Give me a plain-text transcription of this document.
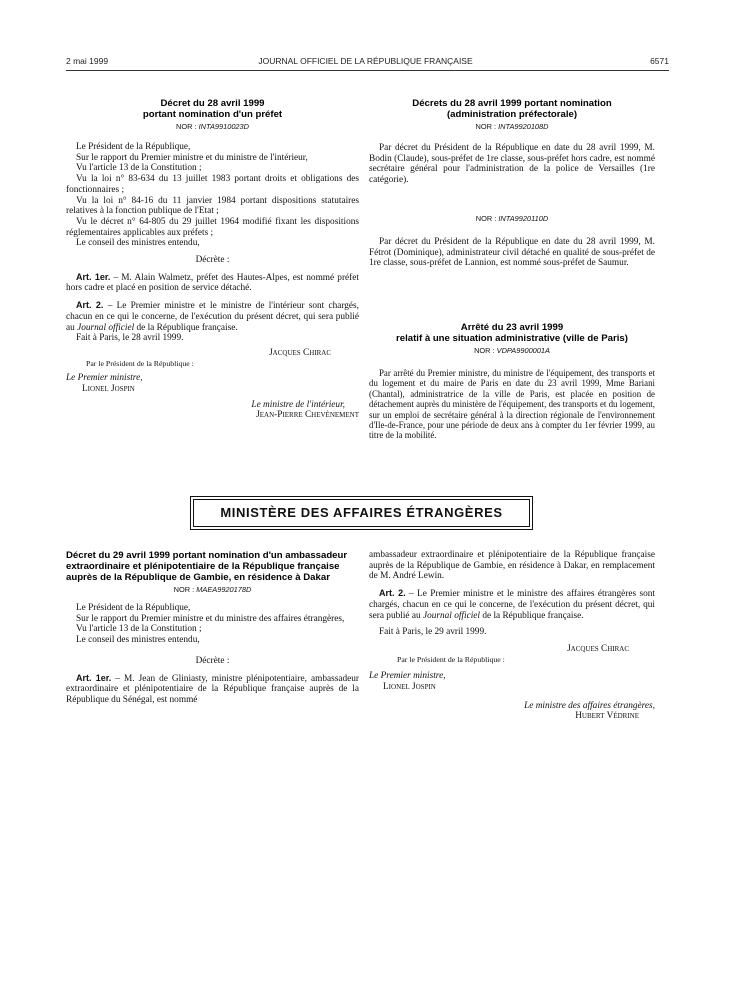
2 mai 1999	JOURNAL OFFICIEL DE LA RÉPUBLIQUE FRANÇAISE	6571
Décret du 28 avril 1999
portant nomination d'un préfet
NOR : INTA9910023D

Le Président de la République,

Sur le rapport du Premier ministre et du ministre de l'intérieur,

Vu l'article 13 de la Constitution ;

Vu la loi n° 83-634 du 13 juillet 1983 portant droits et obligations des fonctionnaires ;

Vu la loi n° 84-16 du 11 janvier 1984 portant dispositions statutaires relatives à la fonction publique de l'Etat ;

Vu le décret n° 64-805 du 29 juillet 1964 modifié fixant les dispositions réglementaires applicables aux préfets ;

Le conseil des ministres entendu,

Décrète :

Art. 1er. – M. Alain Walmetz, préfet des Hautes-Alpes, est nommé préfet hors cadre et placé en position de service détaché.

Art. 2. – Le Premier ministre et le ministre de l'intérieur sont chargés, chacun en ce qui le concerne, de l'exécution du présent décret, qui sera publié au Journal officiel de la République française.

Fait à Paris, le 28 avril 1999.

Jacques Chirac

Par le Président de la République :

Le Premier ministre,

Lionel Jospin

Le ministre de l'intérieur,

Jean-Pierre Chevènement

Décrets du 28 avril 1999 portant nomination
(administration préfectorale)
NOR : INTA9920108D

Par décret du Président de la République en date du 28 avril 1999, M. Bodin (Claude), sous-préfet de 1re classe, sous-préfet hors cadre, est nommé secrétaire général pour l'administration de la police de Versailles (1re catégorie).

NOR : INTA9920110D

Par décret du Président de la République en date du 28 avril 1999, M. Fétrot (Dominique), administrateur civil détaché en qualité de sous-préfet de 1re classe, sous-préfet de Lannion, est nommé sous-préfet de Saumur.

Arrêté du 23 avril 1999
relatif à une situation administrative (ville de Paris)
NOR : VDPA9900001A

Par arrêté du Premier ministre, du ministre de l'équipement, des transports et du logement et du maire de Paris en date du 23 avril 1999, Mme Bariani (Chantal), administratrice de la ville de Paris, est placée en position de détachement auprès du ministère de l'équipement, des transports et du logement, sur un emploi de secrétaire général à la direction régionale de l'environnement d'Ile-de-France, pour une période de deux ans à compter du 1er février 1999, au titre de la mobilité.

MINISTÈRE DES AFFAIRES ÉTRANGÈRES
Décret du 29 avril 1999 portant nomination d'un ambassadeur extraordinaire et plénipotentiaire de la République française auprès de la République de Gambie, en résidence à Dakar
NOR : MAEA9920178D

Le Président de la République,

Sur le rapport du Premier ministre et du ministre des affaires étrangères,

Vu l'article 13 de la Constitution ;

Le conseil des ministres entendu,

Décrète :

Art. 1er. – M. Jean de Gliniasty, ministre plénipotentiaire, ambassadeur extraordinaire et plénipotentiaire de la République française auprès de la République du Sénégal, est nommé

ambassadeur extraordinaire et plénipotentiaire de la République française auprès de la République de Gambie, en résidence à Dakar, en remplacement de M. André Lewin.

Art. 2. – Le Premier ministre et le ministre des affaires étrangères sont chargés, chacun en ce qui le concerne, de l'exécution du présent décret, qui sera publié au Journal officiel de la République française.

Fait à Paris, le 29 avril 1999.

Jacques Chirac

Par le Président de la République :

Le Premier ministre,

Lionel Jospin

Le ministre des affaires étrangères,

Hubert Védrine
